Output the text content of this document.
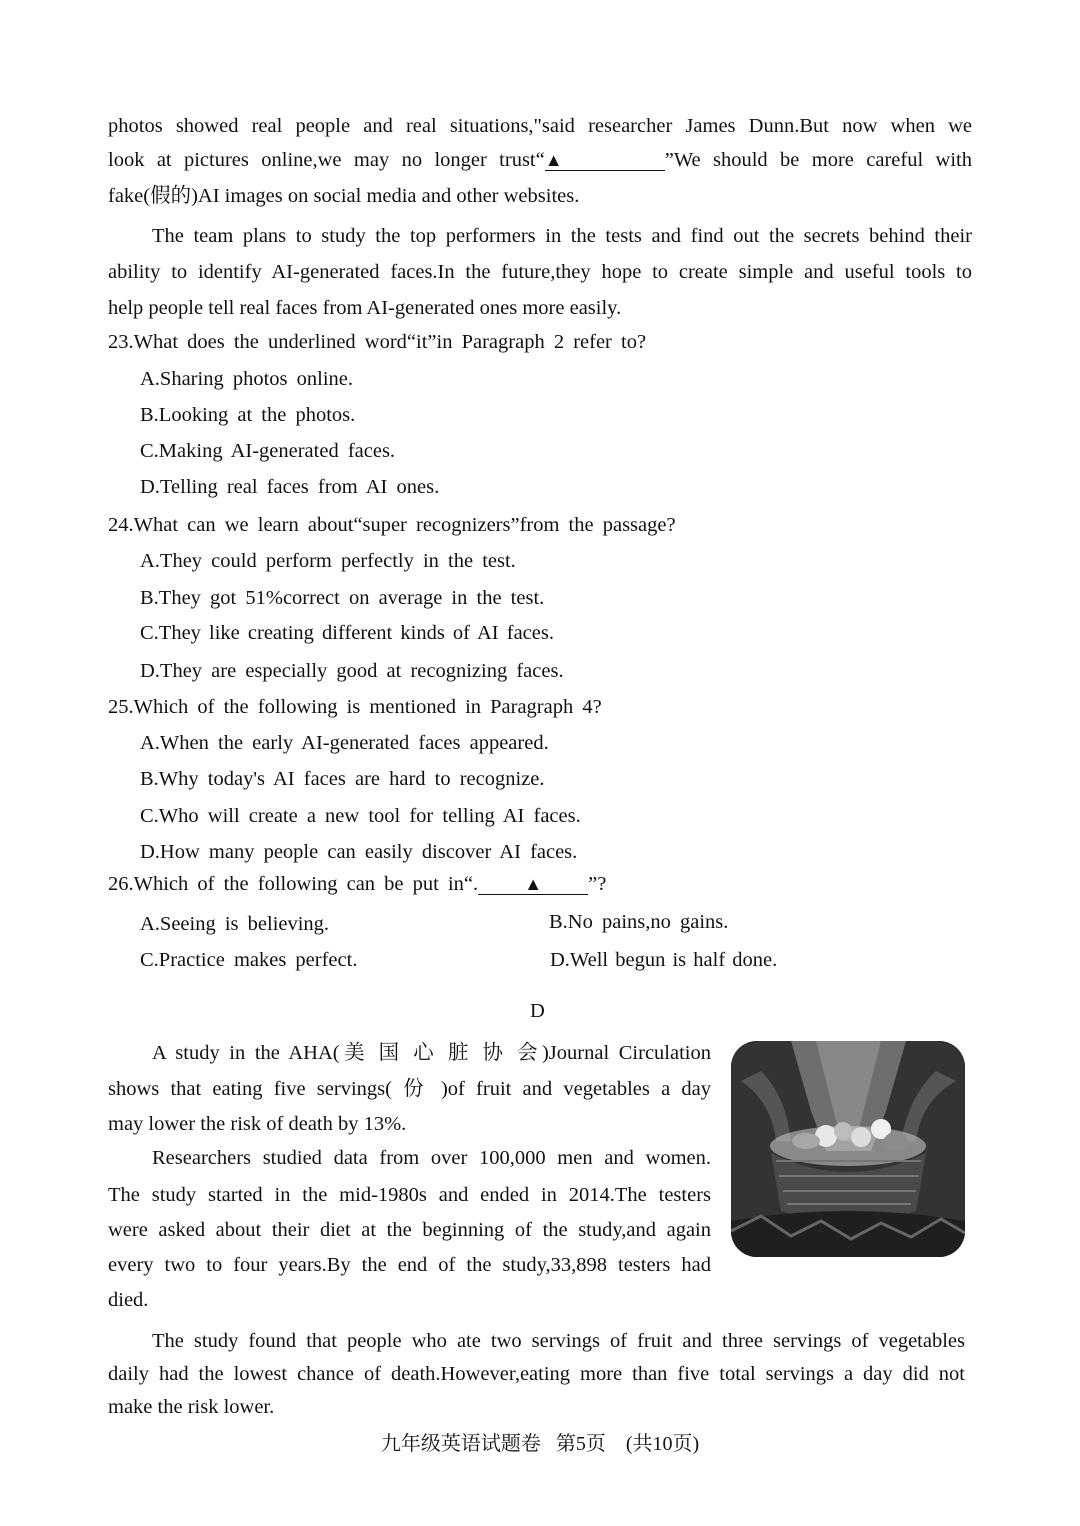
photos showed real people and real situations,"said researcher James Dunn.But now when we
look at pictures online,we may no longer trust“▲	”We should be more careful with
fake(假的)AI images on social media and other websites.
The team plans to study the top performers in the tests and find out the secrets behind their
ability to identify AI-generated faces.In the future,they hope to create simple and useful tools to
help people tell real faces from AI-generated ones more easily.
23.What does the underlined word“it”in Paragraph 2 refer to?
A.Sharing photos online.
B.Looking at the photos.
C.Making AI-generated faces.
D.Telling real faces from AI ones.
24.What can we learn about“super recognizers”from the passage?
A.They could perform perfectly in the test.
B.They got 51%correct on average in the test.
C.They like creating different kinds of AI faces.
D.They are especially good at recognizing faces.
25.Which of the following is mentioned in Paragraph 4?
A.When the early AI-generated faces appeared.
B.Why today's AI faces are hard to recognize.
C.Who will create a new tool for telling AI faces.
D.How many people can easily discover AI faces.
26.Which of the following can be put in“.	▲ ”?
A.Seeing is believing.	B.No pains,no gains.
C.Practice makes perfect.	D.Well begun is half done.
D
A study in the AHA(美 国 心 脏 协 会)Journal Circulation
shows that eating five servings( 份 )of fruit and vegetables a day
may lower the risk of death by 13%.
Researchers studied data from over 100,000 men and women.
The study started in the mid-1980s and ended in 2014.The testers
were asked about their diet at the beginning of the study,and again
every two to four years.By the end of the study,33,898 testers had
died.
The study found that people who ate two servings of fruit and three servings of vegetables
daily had the lowest chance of death.However,eating more than five total servings a day did not
make the risk lower.
九年级英语试题卷   第5页    (共10页)
